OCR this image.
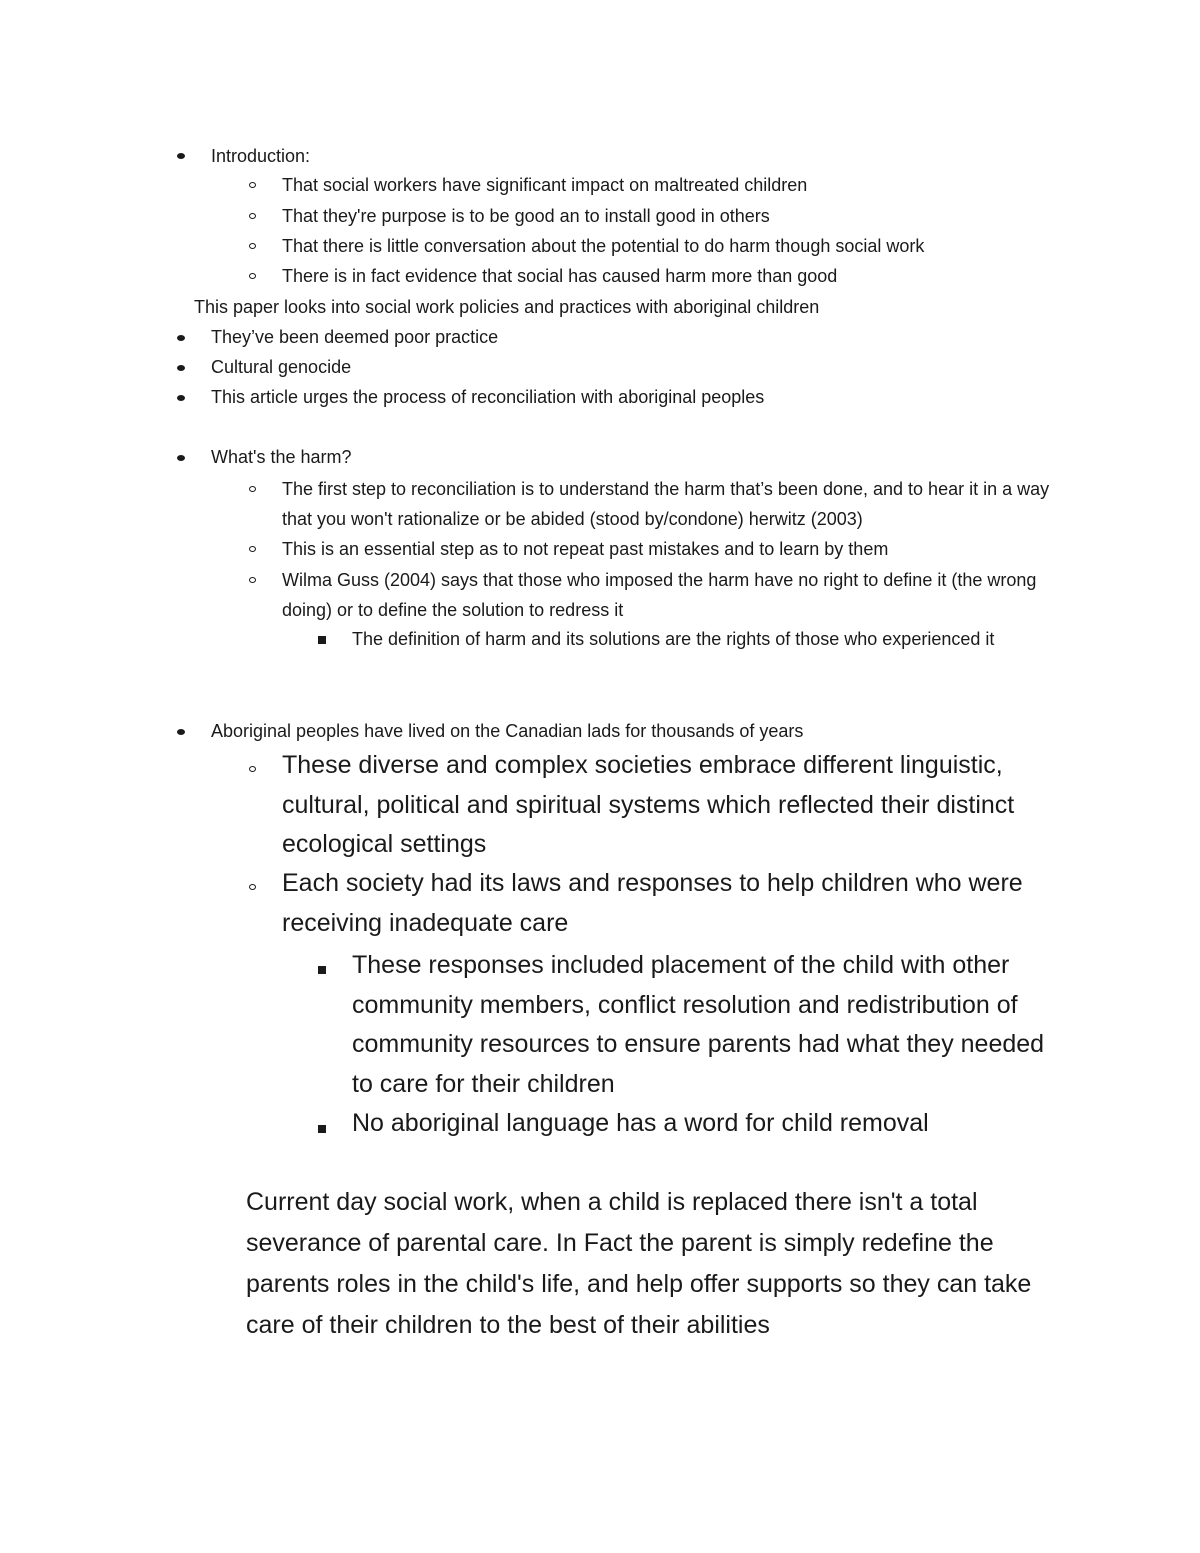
Introduction:

That social workers have significant impact on maltreated children

That they're purpose is to be good an to install good in others

That there is little conversation about the potential to do harm though social work

There is in fact evidence that social has caused harm more than good

This paper looks into social work policies and practices with aboriginal children

They’ve been deemed poor practice

Cultural genocide

This article urges the process of reconciliation with aboriginal peoples

What's the harm?

The first step to reconciliation is to understand the harm that’s been done, and to hear it in a way that you won't rationalize or be abided (stood by/condone) herwitz (2003)

This is an essential step as to not repeat past mistakes and to learn by them

Wilma Guss (2004) says that those who imposed the harm have no right to define it (the wrong doing) or to define the solution to redress it

The definition of harm and its solutions are the rights of those who experienced it

Aboriginal peoples have lived on the Canadian lads for thousands of years

These diverse and complex societies embrace different linguistic, cultural, political and spiritual systems which reflected their distinct ecological settings

Each society had its laws and responses to help children who were receiving inadequate care

These responses included placement of the child with other community members, conflict resolution and redistribution of community resources to ensure parents had what they needed to care for their children

No aboriginal language has a word for child removal

Current day social work, when a child is replaced there isn't a total severance of parental care. In Fact the parent is simply redefine the parents roles in the child's life, and help offer supports so they can take care of their children to the best of their abilities
